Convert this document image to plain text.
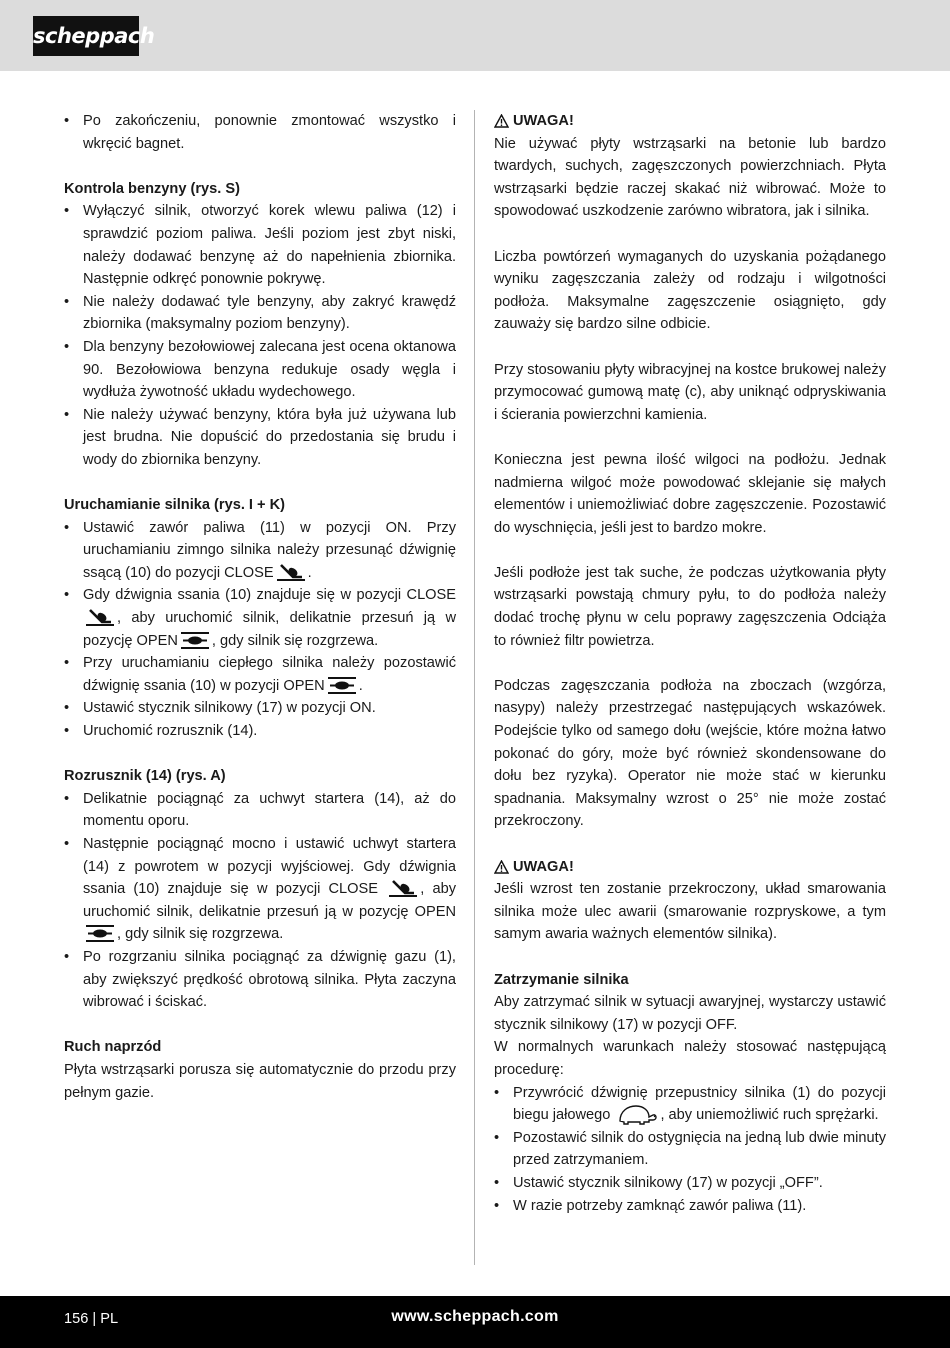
scheppach
• Po zakończeniu, ponownie zmontować wszystko i wkręcić bagnet.
Kontrola benzyny (rys. S)
• Wyłączyć silnik, otworzyć korek wlewu paliwa (12) i sprawdzić poziom paliwa. Jeśli poziom jest zbyt niski, należy dodawać benzynę aż do napełnienia zbiornika. Następnie odkręć ponownie pokrywę.
• Nie należy dodawać tyle benzyny, aby zakryć krawędź zbiornika (maksymalny poziom benzyny).
• Dla benzyny bezołowiowej zalecana jest ocena oktanowa 90. Bezołowiowa benzyna redukuje osady węgla i wydłuża żywotność układu wydechowego.
• Nie należy używać benzyny, która była już używana lub jest brudna. Nie dopuścić do przedostania się brudu i wody do zbiornika benzyny.
Uruchamianie silnika (rys. I + K)
• Ustawić zawór paliwa (11) w pozycji ON. Przy uruchamianiu zimngo silnika należy przesunąć dźwignię ssącą (10) do pozycji CLOSE .
• Gdy dźwignia ssania (10) znajduje się w pozycji CLOSE, aby uruchomić silnik, delikatnie przesuń ją w pozycję OPEN , gdy silnik się rozgrzewa.
• Przy uruchamianiu ciepłego silnika należy pozostawić dźwignię ssania (10) w pozycji OPEN .
• Ustawić stycznik silnikowy (17) w pozycji ON.
• Uruchomić rozrusznik (14).
Rozrusznik (14) (rys. A)
• Delikatnie pociągnąć za uchwyt startera (14), aż do momentu oporu.
• Następnie pociągnąć mocno i ustawić uchwyt startera (14) z powrotem w pozycji wyjściowej. Gdy dźwignia ssania (10) znajduje się w pozycji CLOSE	, aby uruchomić silnik, delikatnie przesuń ją w pozycję OPEN, gdy silnik się rozgrzewa.
• Po rozgrzaniu silnika pociągnąć za dźwignię gazu (1), aby zwiększyć prędkość obrotową silnika. Płyta zaczyna wibrować i ściskać.
Ruch naprzód
Płyta wstrząsarki porusza się automatycznie do przodu przy pełnym gazie.
UWAGA!
Nie używać płyty wstrząsarki na betonie lub bardzo twardych, suchych, zagęszczonych powierzchniach. Płyta wstrząsarki będzie raczej skakać niż wibrować. Może to spowodować uszkodzenie zarówno wibratora, jak i silnika.
Liczba powtórzeń wymaganych do uzyskania pożądanego wyniku zagęszczania zależy od rodzaju i wilgotności podłoża. Maksymalne zagęszczenie osiągnięto, gdy zauważy się bardzo silne odbicie.
Przy stosowaniu płyty wibracyjnej na kostce brukowej należy przymocować gumową matę (c), aby uniknąć odpryskiwania i ścierania powierzchni kamienia.
Konieczna jest pewna ilość wilgoci na podłożu. Jednak nadmierna wilgoć może powodować sklejanie się małych elementów i uniemożliwiać dobre zagęszczenie. Pozostawić do wyschnięcia, jeśli jest to bardzo mokre.
Jeśli podłoże jest tak suche, że podczas użytkowania płyty wstrząsarki powstają chmury pyłu, to do podłoża należy dodać trochę płynu w celu poprawy zagęszczenia Odciąża to również filtr powietrza.
Podczas zagęszczania podłoża na zboczach (wzgórza, nasypy) należy przestrzegać następujących wskazówek. Podejście tylko od samego dołu (wejście, które można łatwo pokonać do góry, może być również skondensowane do dołu bez ryzyka). Operator nie może stać w kierunku spadnania. Maksymalny wzrost o 25° nie może zostać przekroczony.
UWAGA!
Jeśli wzrost ten zostanie przekroczony, układ smarowania silnika może ulec awarii (smarowanie rozpryskowe, a tym samym awaria ważnych elementów silnika).
Zatrzymanie silnika
Aby zatrzymać silnik w sytuacji awaryjnej, wystarczy ustawić stycznik silnikowy (17) w pozycji OFF.
W normalnych warunkach należy stosować następującą procedurę:
• Przywrócić dźwignię przepustnicy silnika (1) do pozycji biegu jałowego	, aby uniemożliwić ruch sprężarki.
• Pozostawić silnik do ostygnięcia na jedną lub dwie minuty przed zatrzymaniem.
• Ustawić stycznik silnikowy (17) w pozycji „OFF”.
• W razie potrzeby zamknąć zawór paliwa (11).
156 | PL	www.scheppach.com
